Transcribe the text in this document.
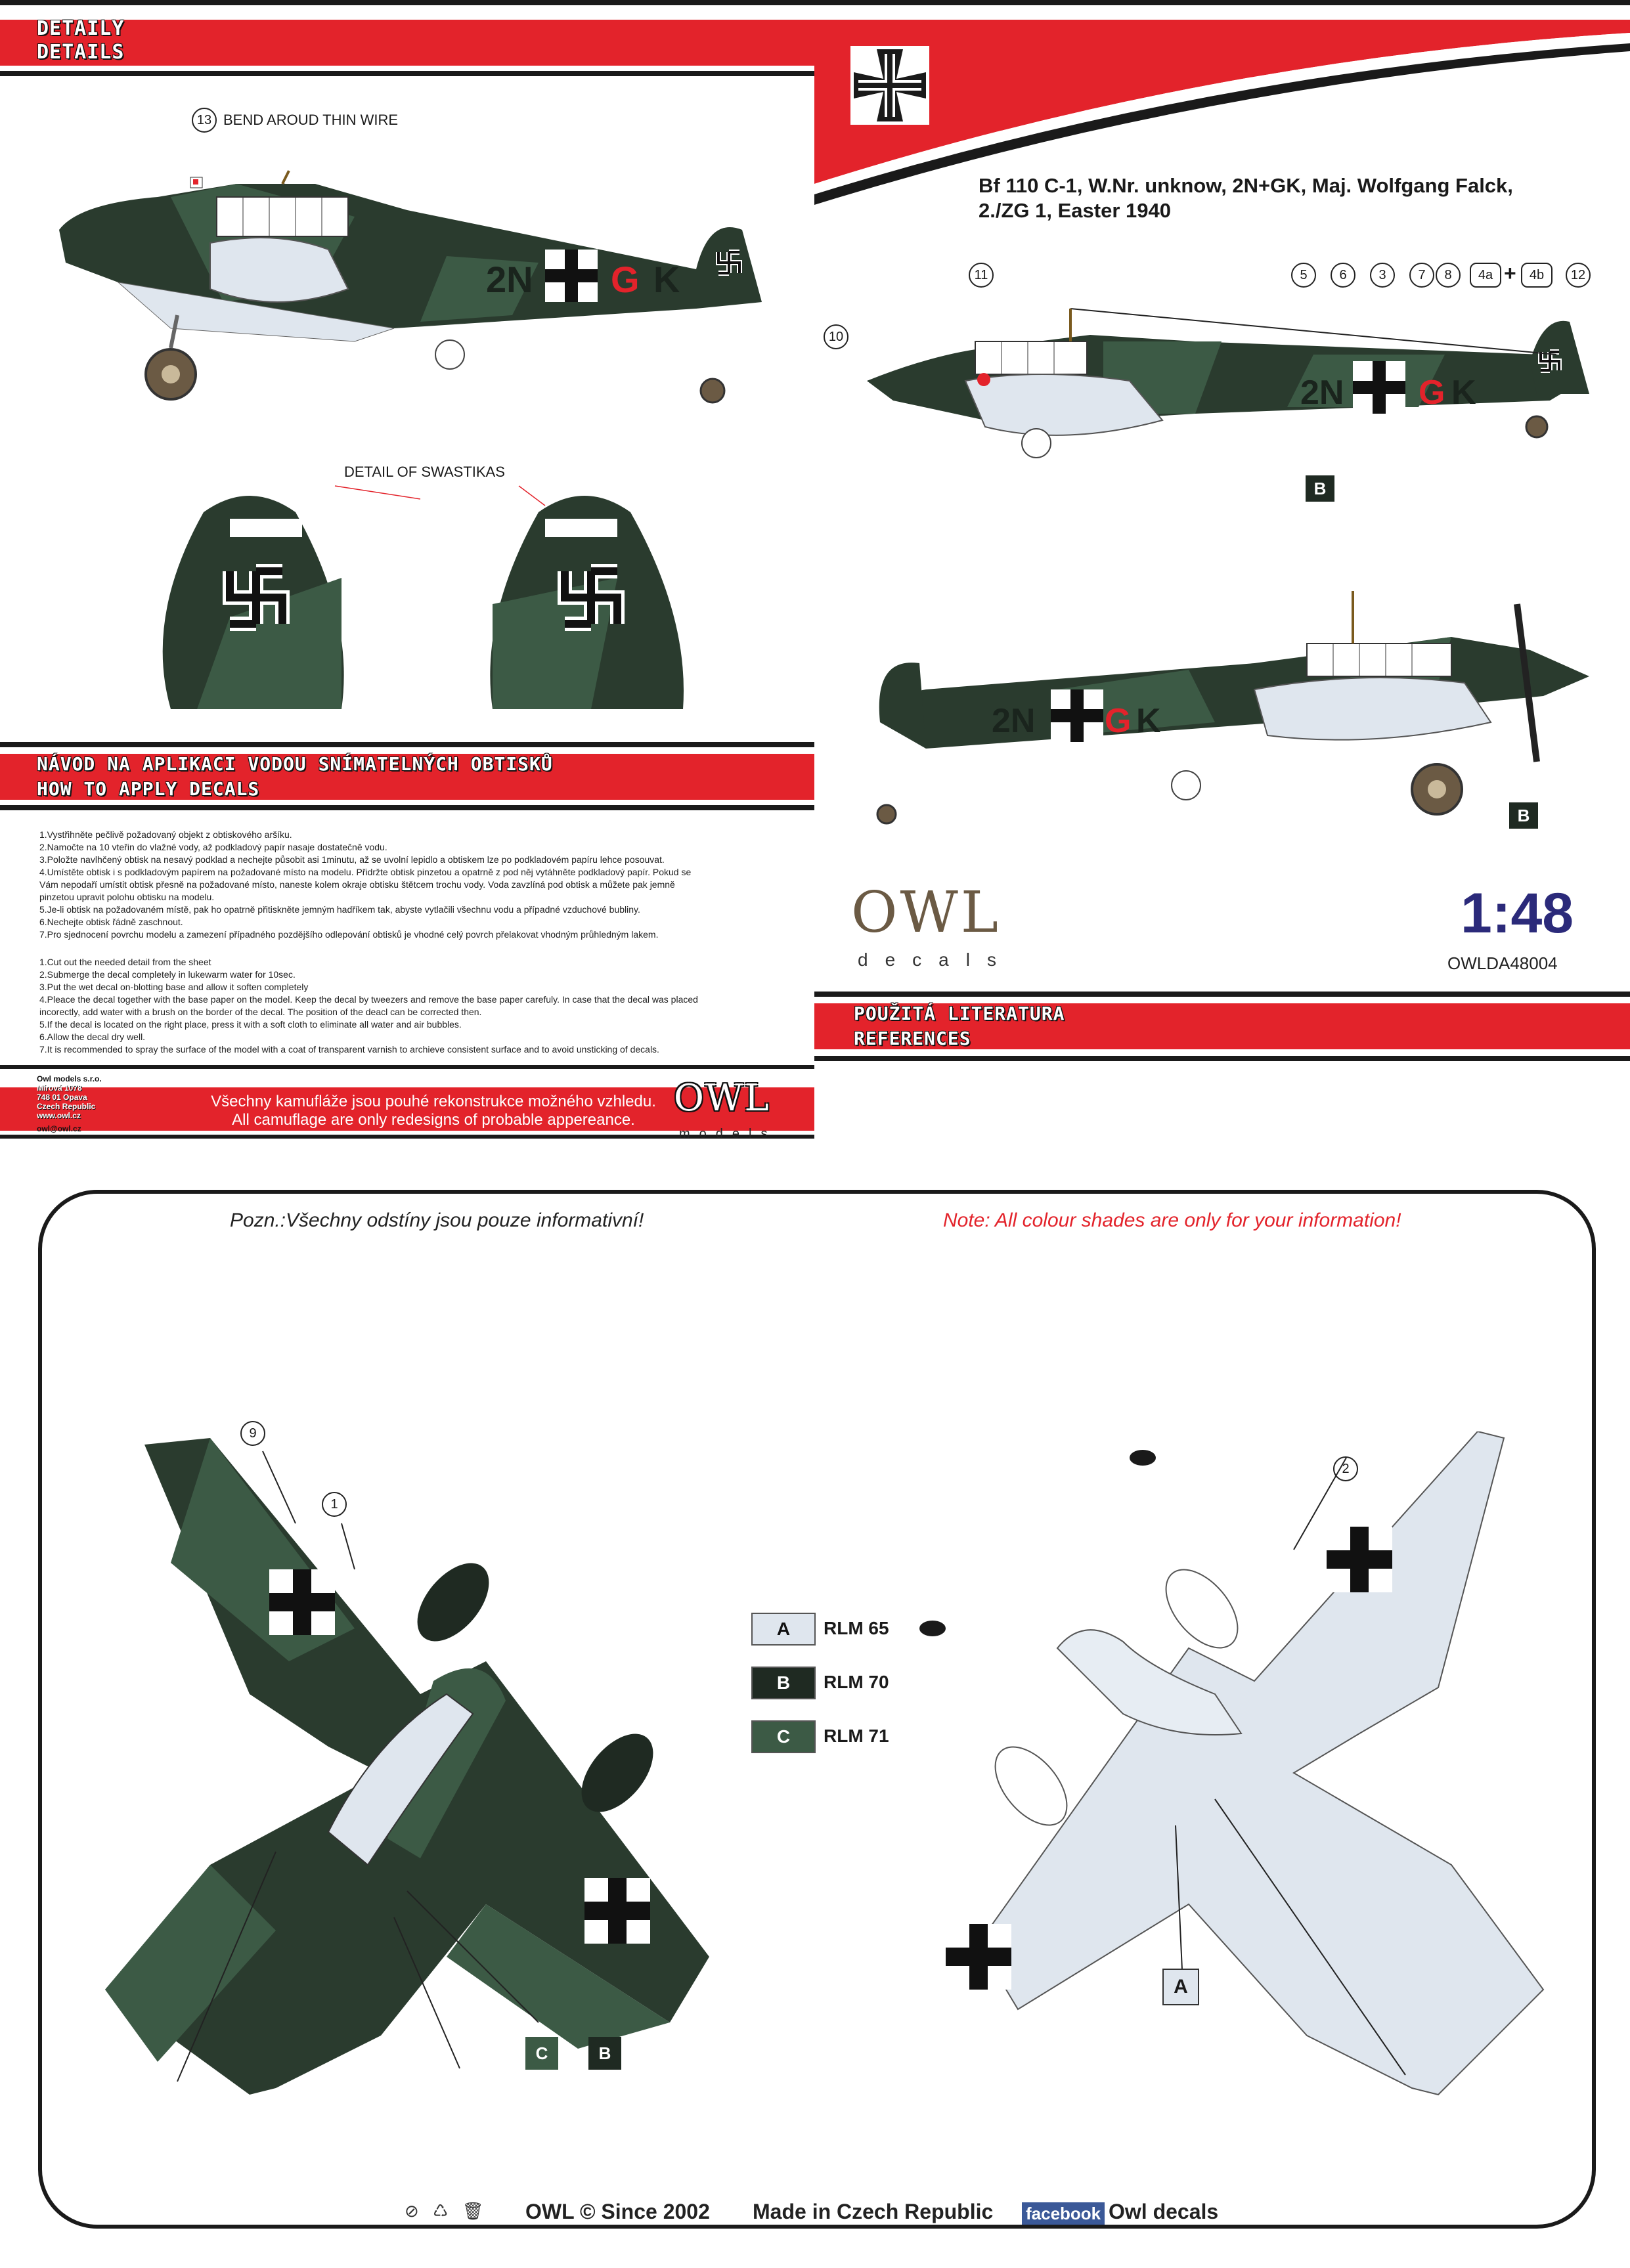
DETAILY
DETAILS
13 BEND AROUD THIN WIRE
G
2N	K
DETAIL OF SWASTIKAS
NÁVOD NA APLIKACI VODOU SNÍMATELNÝCH OBTISKŮ
HOW TO APPLY DECALS
1.Vystřihněte pečlivě požadovaný objekt z obtiskového aršíku.
2.Namočte na 10 vteřin do vlažné vody, až podkladový papír nasaje dostatečně vodu.
3.Položte navlhčený obtisk na nesavý podklad a nechejte působit asi 1minutu, až se uvolní lepidlo a obtiskem lze po podkladovém papíru lehce posouvat.
4.Umístěte obtisk i s podkladovým papírem na požadované místo na modelu. Přidržte obtisk pinzetou a opatrně z pod něj vytáhněte podkladový papír. Pokud se
Vám nepodaří umístit obtisk přesně na požadované místo, naneste kolem okraje obtisku štětcem trochu vody. Voda zavzlíná pod obtisk a můžete pak jemně
pinzetou upravit polohu obtisku na modelu.
5.Je-li obtisk na požadovaném místě, pak ho opatrně přitiskněte jemným hadříkem tak, abyste vytlačili všechnu vodu a případné vzduchové bubliny.
6.Nechejte obtisk řádně zaschnout.
7.Pro sjednocení povrchu modelu a zamezení případného pozdějšího odlepování obtisků je vhodné celý povrch přelakovat vhodným průhledným lakem.
1.Cut out the needed detail from the sheet
2.Submerge the decal completely in lukewarm water for 10sec.
3.Put the wet decal on-blotting base and allow it soften completely
4.Pleace the decal together with the base paper on the model. Keep the decal by tweezers and remove the base paper carefuly. In case that the decal was placed
incorectly, add water with a brush on the border of the decal. The position of the deacl can be corrected then.
5.If the decal is located on the right place, press it with a soft cloth to eliminate all water and air bubbles.
6.Allow the decal dry well.
7.It is recommended to spray the surface of the model with a coat of transparent varnish to archieve consistent surface and to avoid unsticking of decals.
Owl models s.r.o.
Mírová 1078
748 01 Opava
Czech Republic
www.owl.cz
owl@owl.cz
Všechny kamufláže jsou pouhé rekonstrukce možného vzhledu.
All camuflage are only redesigns of probable appereance.
OWL
models
Bf 110 C-1, W.Nr. unknow, 2N+GK, Maj. Wolfgang Falck,
2./ZG 1, Easter 1940
11	5	6	3	7	8	4a +	4b	12
10
G
2N	K
B
G
2N	K
B
OWL
decals
1:48
OWLDA48004
POUŽITÁ LITERATURA
REFERENCES
Pozn.:Všechny odstíny jsou pouze informativní!	Note: All colour shades are only for your information!
9
1
2
C	B
A	RLM 65
B	RLM 70
C	RLM 71
A
⊘ ♺ 🗑 OWL © Since 2002 Made in Czech Republic facebook Owl decals
